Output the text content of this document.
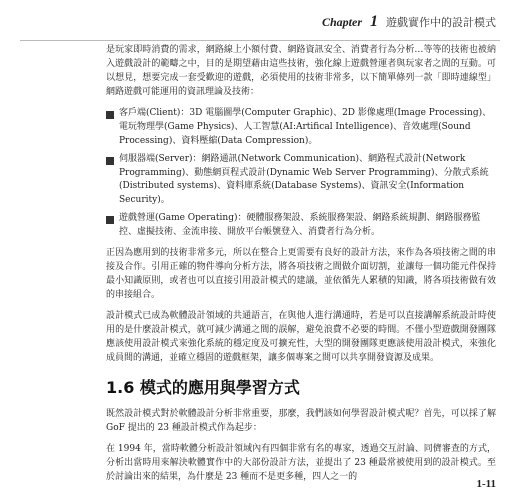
Chapter 1 遊戲實作中的設計模式

是玩家即時消費的需求，網路線上小額付費、網路資訊安全、消費者行為分析…等等的技術也被納入遊戲設計的範疇之中，目的是期望藉由這些技術，強化線上遊戲營運者與玩家者之間的互動。可以想見，想要完成一套受歡迎的遊戲，必須使用的技術非常多，以下簡單條列一款「即時連線型」網路遊戲可能運用的資訊理論及技術：

客戶端(Client)：3D 電腦圖學(Computer Graphic)、2D 影像處理(Image Processing)、電玩物理學(Game Physics)、人工智慧(AI:Artifical Intelligence)、音效處理(Sound Processing)、資料壓縮(Data Compression)。
伺服器端(Server)：網路通訊(Network Communication)、網路程式設計(Network Programming)、動態網頁程式設計(Dynamic Web Server Programming)、分散式系統(Distributed systems)、資料庫系統(Database Systems)、資訊安全(Information Security)。
遊戲營運(Game Operating)：硬體服務架設、系統服務架設、網路系統規劃、網路服務監控、虛擬技術、金流串接、開放平台帳號登入、消費者行為分析。

正因為應用到的技術非常多元，所以在整合上更需要有良好的設計方法，來作為各項技術之間的串接及合作。引用正確的物件導向分析方法，將各項技術之間做介面切割，並讓每一個功能元件保持最小知識原則，或者也可以直接引用設計模式的建議，並依循先人累積的知識，將各項技術做有效的串接組合。

設計模式已成為軟體設計領域的共通語言，在與他人進行溝通時，若是可以直接講解系統設計時使用的是什麼設計模式，就可減少溝通之間的誤解，避免浪費不必要的時間。不僅小型遊戲開發團隊應該使用設計模式來強化系統的穩定度及可擴充性，大型的開發團隊更應該使用設計模式，來強化成員間的溝通，並確立穩固的遊戲框架，讓多個專案之間可以共享開發資源及成果。

1.6 模式的應用與學習方式

既然設計模式對於軟體設計分析非常重要，那麼，我們該如何學習設計模式呢？首先，可以採了解 GoF 提出的 23 種設計模式作為起步：

在 1994 年，當時軟體分析設計領域內有四個非常有名的專家，透過交互討論、同儕審查的方式，分析出當時用來解決軟體實作中的大部份設計方法，並提出了 23 種最常被使用到的設計模式。至於討論出來的結果，為什麼是 23 種而不是更多種，四人之一的

1-11
